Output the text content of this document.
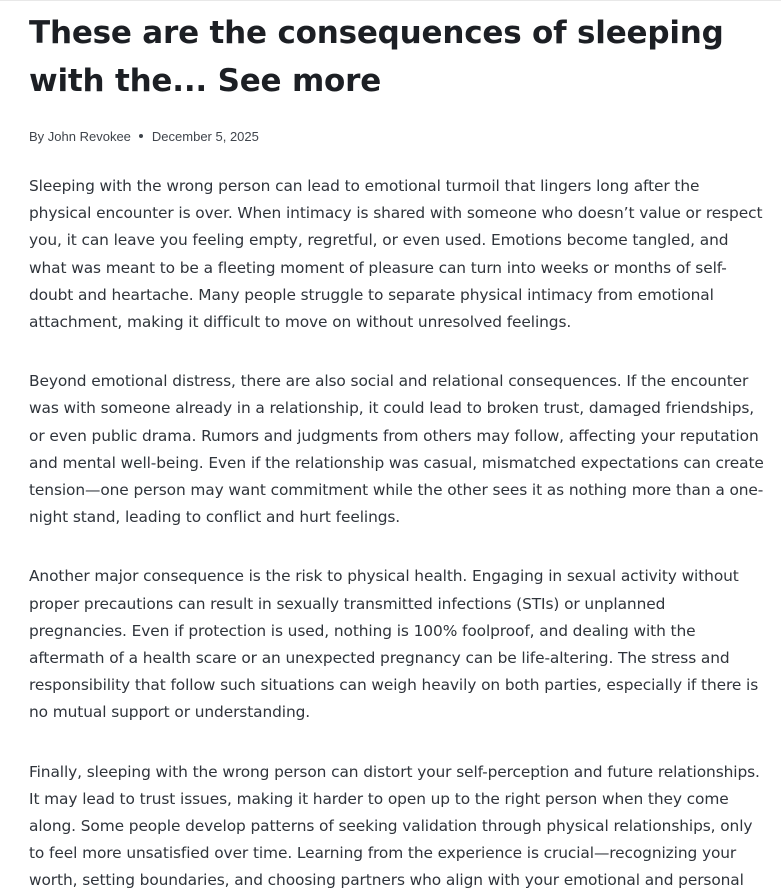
These are the consequences of sleeping with the... See more
By
John Revokee December 5, 2025

Sleeping with the wrong person can lead to emotional turmoil that lingers long after the physical encounter is over. When intimacy is shared with someone who doesn’t value or respect you, it can leave you feeling empty, regretful, or even used. Emotions become tangled, and what was meant to be a fleeting moment of pleasure can turn into weeks or months of self-doubt and heartache. Many people struggle to separate physical intimacy from emotional attachment, making it difficult to move on without unresolved feelings.

Beyond emotional distress, there are also social and relational consequences. If the encounter was with someone already in a relationship, it could lead to broken trust, damaged friendships, or even public drama. Rumors and judgments from others may follow, affecting your reputation and mental well-being. Even if the relationship was casual, mismatched expectations can create tension—one person may want commitment while the other sees it as nothing more than a one-night stand, leading to conflict and hurt feelings.

Another major consequence is the risk to physical health. Engaging in sexual activity without proper precautions can result in sexually transmitted infections (STIs) or unplanned pregnancies. Even if protection is used, nothing is 100% foolproof, and dealing with the aftermath of a health scare or an unexpected pregnancy can be life-altering. The stress and responsibility that follow such situations can weigh heavily on both parties, especially if there is no mutual support or understanding.

Finally, sleeping with the wrong person can distort your self-perception and future relationships. It may lead to trust issues, making it harder to open up to the right person when they come along. Some people develop patterns of seeking validation through physical relationships, only to feel more unsatisfied over time. Learning from the experience is crucial—recognizing your worth, setting boundaries, and choosing partners who align with your emotional and personal
